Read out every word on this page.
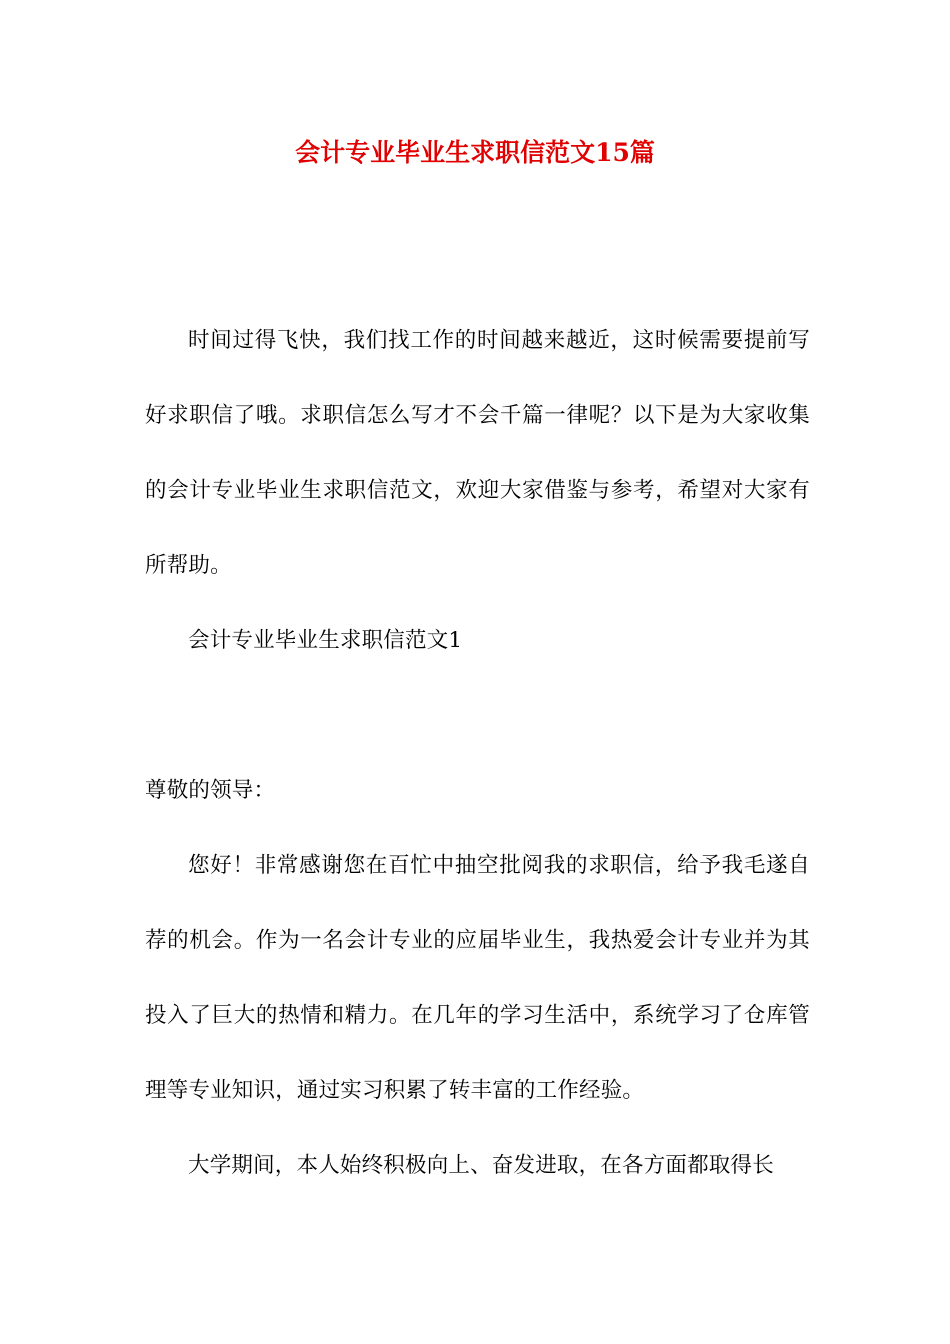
会计专业毕业生求职信范文15篇

时间过得飞快，我们找工作的时间越来越近，这时候需要提前写好求职信了哦。求职信怎么写才不会千篇一律呢？以下是为大家收集的会计专业毕业生求职信范文，欢迎大家借鉴与参考，希望对大家有所帮助。

会计专业毕业生求职信范文1

尊敬的领导：

您好！非常感谢您在百忙中抽空批阅我的求职信，给予我毛遂自荐的机会。作为一名会计专业的应届毕业生，我热爱会计专业并为其投入了巨大的热情和精力。在几年的学习生活中，系统学习了仓库管理等专业知识，通过实习积累了转丰富的工作经验。

大学期间，本人始终积极向上、奋发进取，在各方面都取得长
